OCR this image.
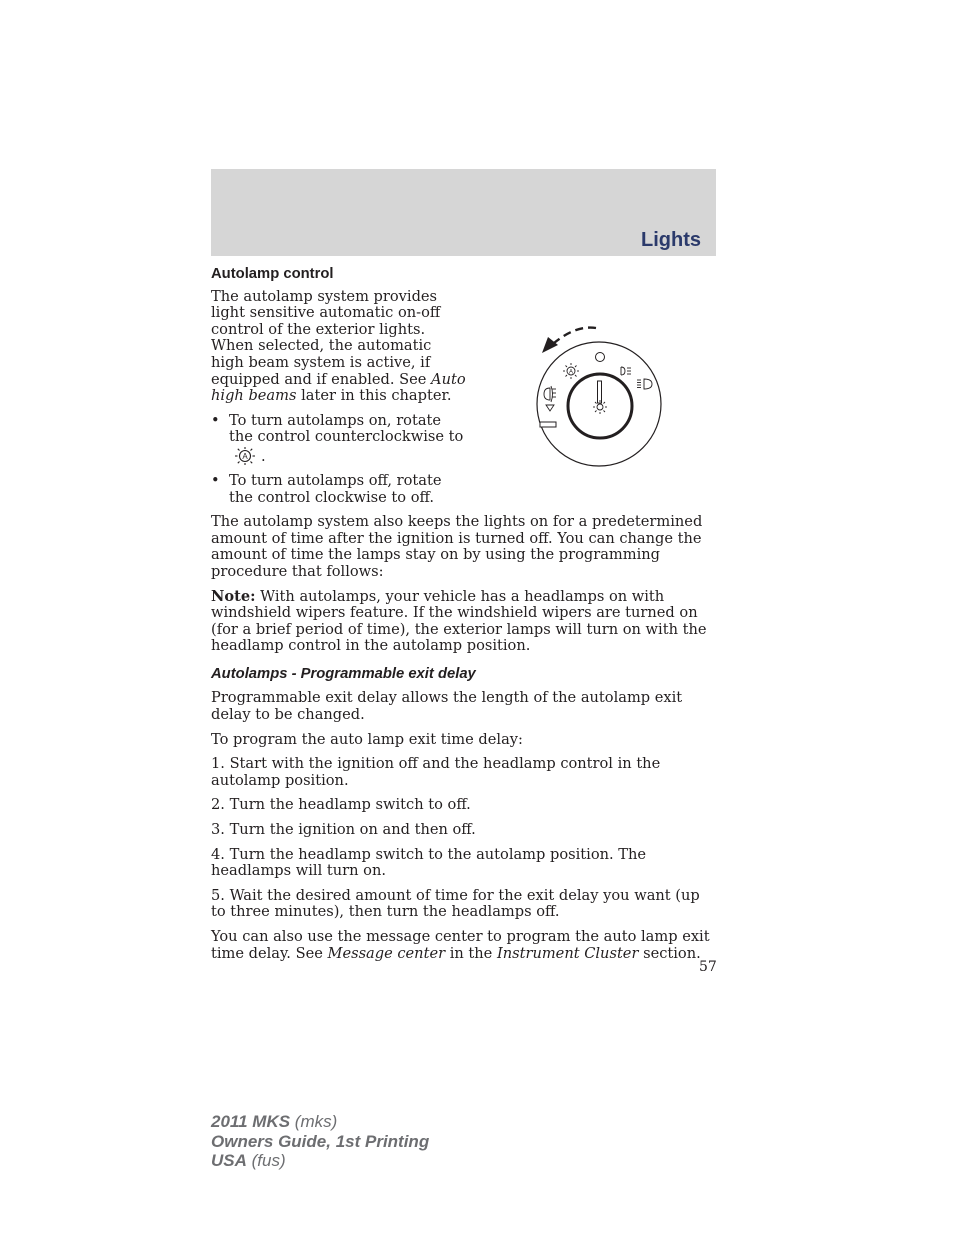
Lights
Autolamp control

The autolamp system provides light sensitive automatic on-off control of the exterior lights. When selected, the automatic high beam system is active, if equipped and if enabled. See Auto high beams later in this chapter.

• To turn autolamps on, rotate the control counterclockwise to
A .
• To turn autolamps off, rotate the control clockwise to off.
A

The autolamp system also keeps the lights on for a predetermined amount of time after the ignition is turned off. You can change the amount of time the lamps stay on by using the programming procedure that follows:

Note: With autolamps, your vehicle has a headlamps on with windshield wipers feature. If the windshield wipers are turned on (for a brief period of time), the exterior lamps will turn on with the headlamp control in the autolamp position.

Autolamps - Programmable exit delay

Programmable exit delay allows the length of the autolamp exit delay to be changed.

To program the auto lamp exit time delay:

1. Start with the ignition off and the headlamp control in the autolamp position.

2. Turn the headlamp switch to off.

3. Turn the ignition on and then off.

4. Turn the headlamp switch to the autolamp position. The headlamps will turn on.

5. Wait the desired amount of time for the exit delay you want (up to three minutes), then turn the headlamps off.

You can also use the message center to program the auto lamp exit time delay. See Message center in the Instrument Cluster section.

57
2011 MKS (mks)
Owners Guide, 1st Printing
USA (fus)
